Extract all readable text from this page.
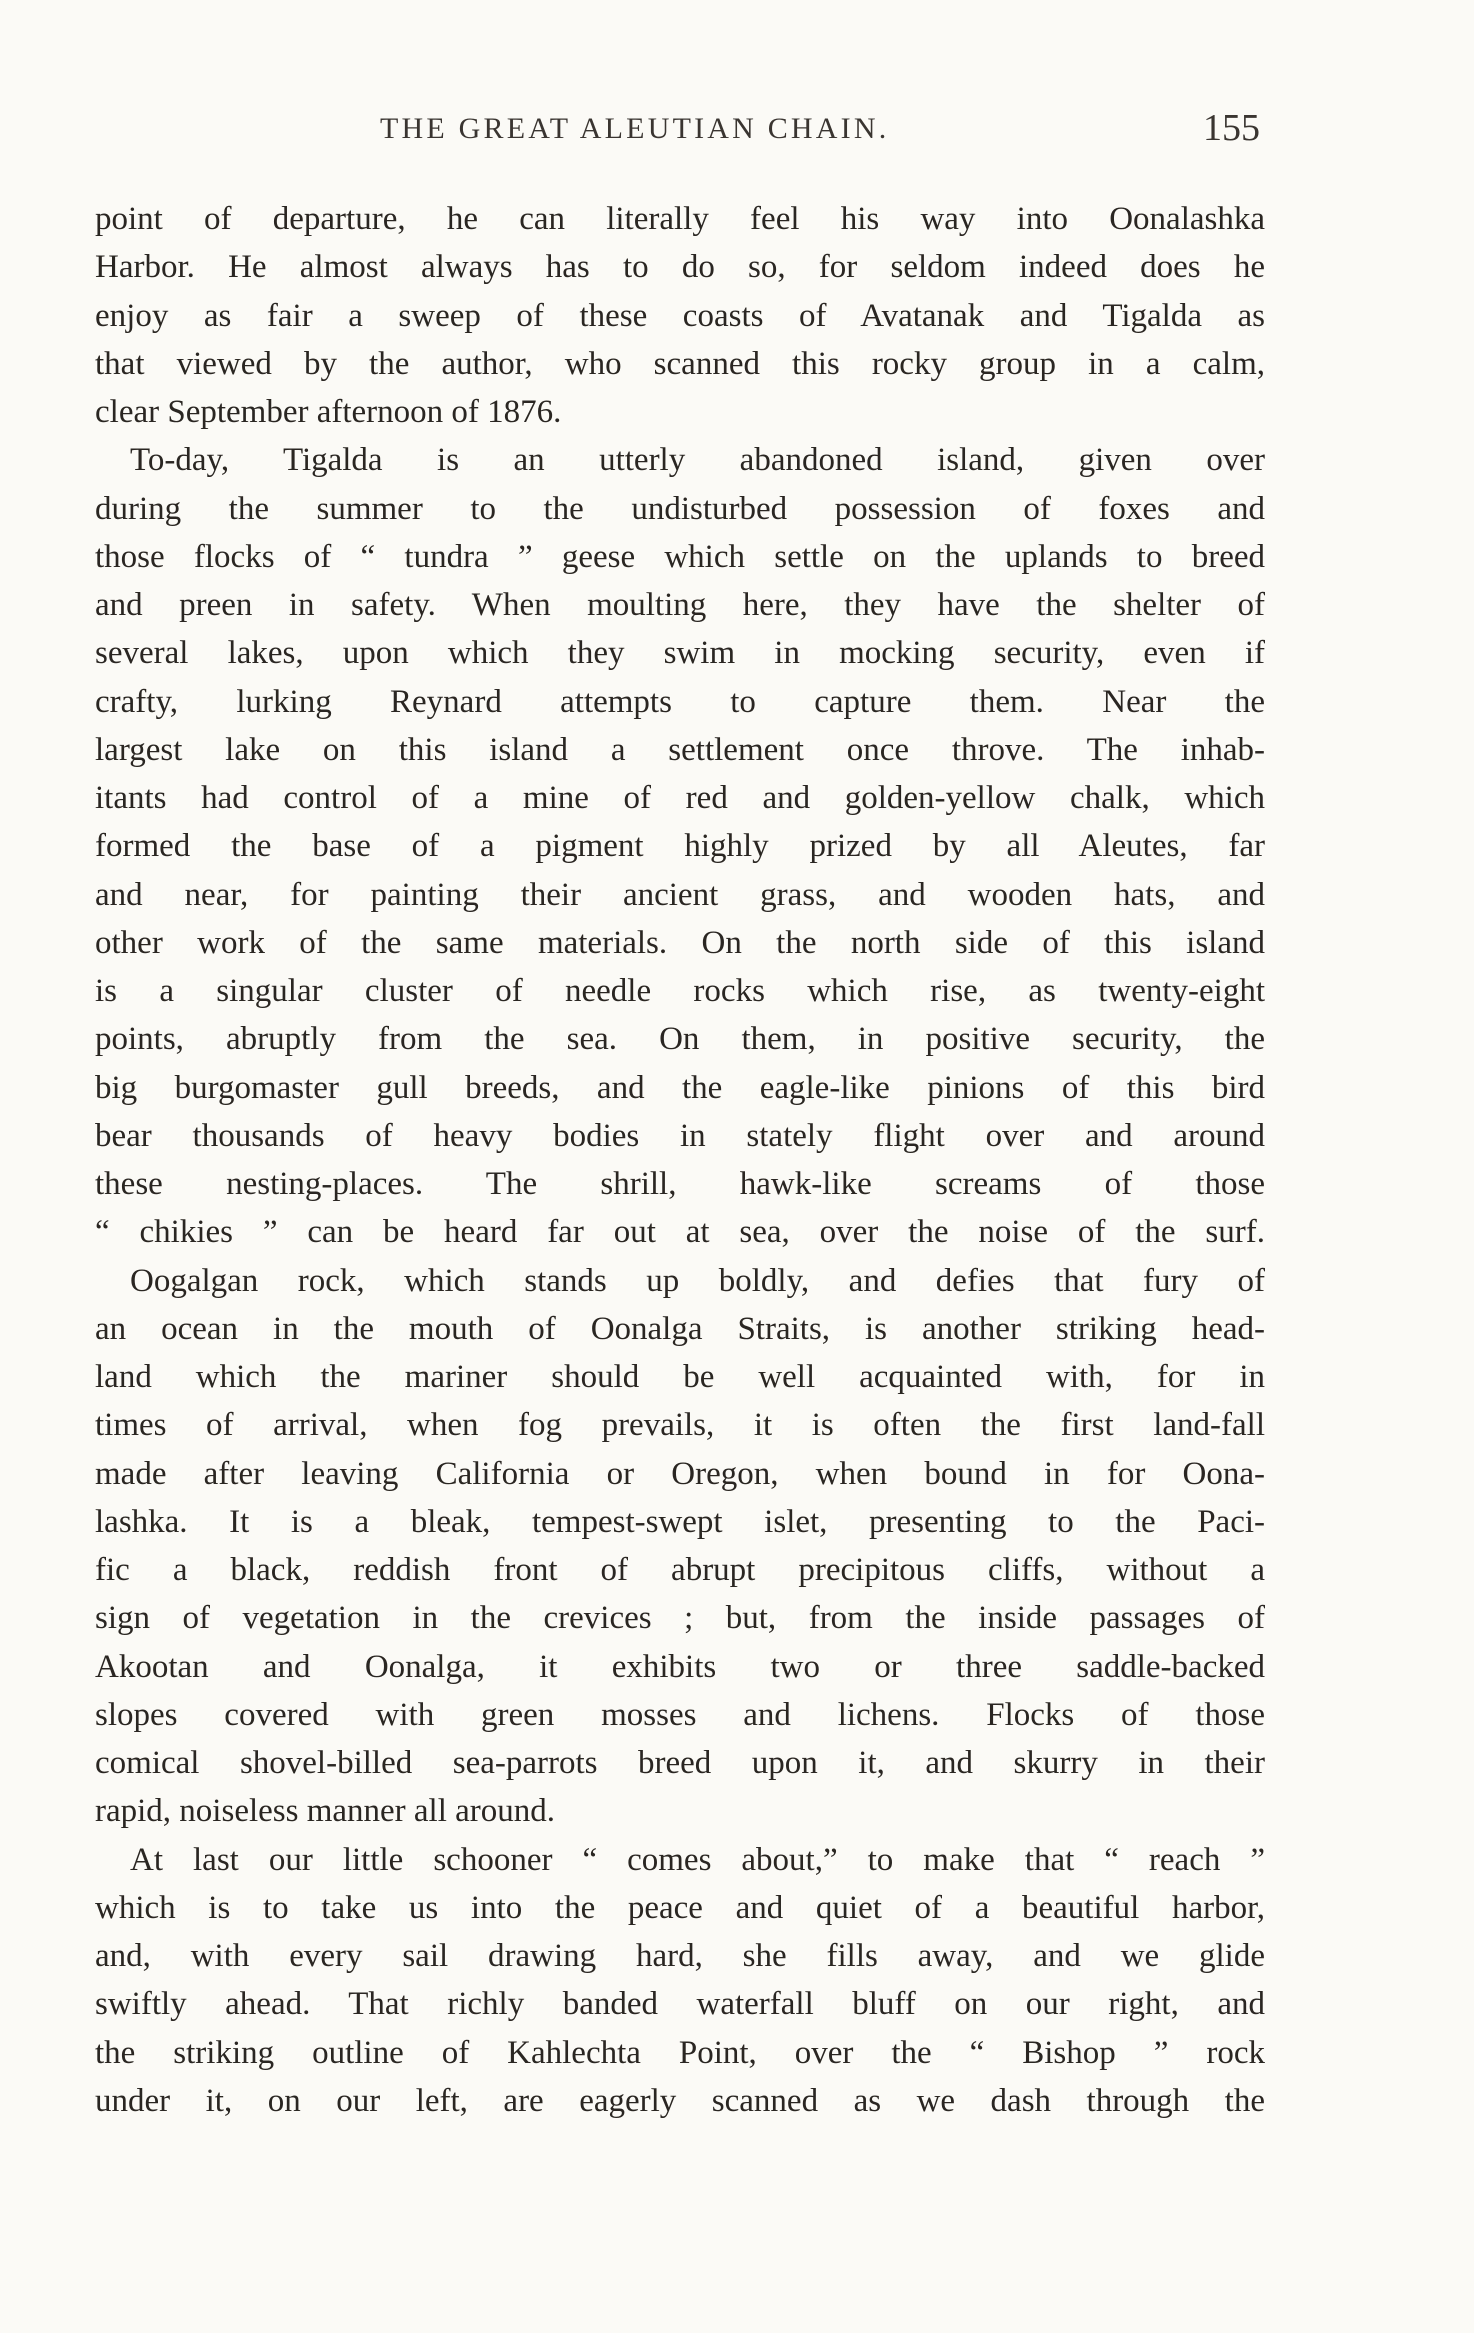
THE GREAT ALEUTIAN CHAIN.	155
point of departure, he can literally feel his way into Oonalashka
Harbor. He almost always has to do so, for seldom indeed does he
enjoy as fair a sweep of these coasts of Avatanak and Tigalda as
that viewed by the author, who scanned this rocky group in a calm,
clear September afternoon of 1876.
To-day, Tigalda is an utterly abandoned island, given over
during the summer to the undisturbed possession of foxes and
those flocks of “ tundra ” geese which settle on the uplands to breed
and preen in safety. When moulting here, they have the shelter of
several lakes, upon which they swim in mocking security, even if
crafty, lurking Reynard attempts to capture them. Near the
largest lake on this island a settlement once throve. The inhab-
itants had control of a mine of red and golden-yellow chalk, which
formed the base of a pigment highly prized by all Aleutes, far
and near, for painting their ancient grass, and wooden hats, and
other work of the same materials. On the north side of this island
is a singular cluster of needle rocks which rise, as twenty-eight
points, abruptly from the sea. On them, in positive security, the
big burgomaster gull breeds, and the eagle-like pinions of this bird
bear thousands of heavy bodies in stately flight over and around
these nesting-places. The shrill, hawk-like screams of those
“ chikies ” can be heard far out at sea, over the noise of the surf.
Oogalgan rock, which stands up boldly, and defies that fury of
an ocean in the mouth of Oonalga Straits, is another striking head-
land which the mariner should be well acquainted with, for in
times of arrival, when fog prevails, it is often the first land-fall
made after leaving California or Oregon, when bound in for Oona-
lashka. It is a bleak, tempest-swept islet, presenting to the Paci-
fic a black, reddish front of abrupt precipitous cliffs, without a
sign of vegetation in the crevices ; but, from the inside passages of
Akootan and Oonalga, it exhibits two or three saddle-backed
slopes covered with green mosses and lichens. Flocks of those
comical shovel-billed sea-parrots breed upon it, and skurry in their
rapid, noiseless manner all around.
At last our little schooner “ comes about,” to make that “ reach ”
which is to take us into the peace and quiet of a beautiful harbor,
and, with every sail drawing hard, she fills away, and we glide
swiftly ahead. That richly banded waterfall bluff on our right, and
the striking outline of Kahlechta Point, over the “ Bishop ” rock
under it, on our left, are eagerly scanned as we dash through the
